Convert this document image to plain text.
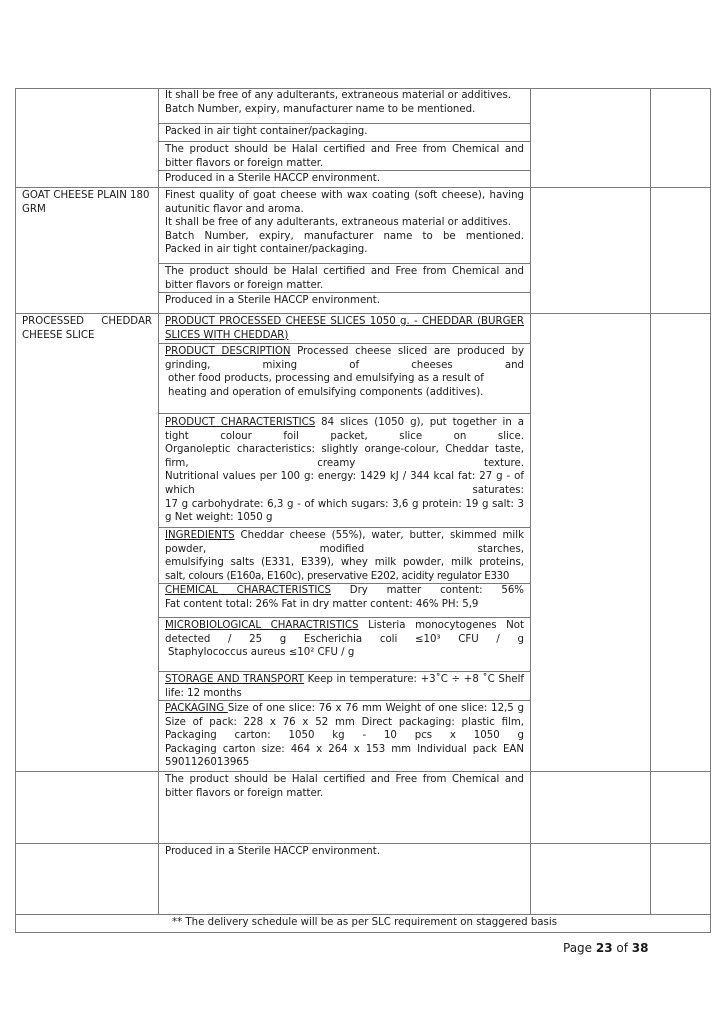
It shall be free of any adulterants, extraneous material or additives. Batch Number, expiry, manufacturer name to be mentioned.
Packed in air tight container/packaging.
The product should be Halal certified and Free from Chemical and bitter flavors or foreign matter.
Produced in a Sterile HACCP environment.
GOAT CHEESE PLAIN 180 GRM

Finest quality of goat cheese with wax coating (soft cheese), having autunitic flavor and aroma.

It shall be free of any adulterants, extraneous material or additives.

Batch Number, expiry, manufacturer name to be mentioned.

Packed in air tight container/packaging.

The product should be Halal certified and Free from Chemical and bitter flavors or foreign matter.
Produced in a Sterile HACCP environment.
PROCESSED CHEDDAR CHEESE SLICE
PRODUCT PROCESSED CHEESE SLICES 1050 g. - CHEDDAR (BURGER SLICES WITH CHEDDAR)

PRODUCT DESCRIPTION Processed cheese sliced are produced by grinding, mixing of cheeses and

other food products, processing and emulsifying as a result of

heating and operation of emulsifying components (additives).

PRODUCT CHARACTERISTICS 84 slices (1050 g), put together in a tight colour foil packet, slice on slice.

Organoleptic characteristics: slightly orange-colour, Cheddar taste, firm, creamy texture.

Nutritional values per 100 g: energy: 1429 kJ / 344 kcal fat: 27 g - of which saturates:

17 g carbohydrate: 6,3 g - of which sugars: 3,6 g protein: 19 g salt: 3 g Net weight: 1050 g

INGREDIENTS Cheddar cheese (55%), water, butter, skimmed milk powder, modified starches,

emulsifying salts (E331, E339), whey milk powder, milk proteins,

salt, colours (E160a, E160c), preservative E202, acidity regulator E330

CHEMICAL CHARACTERISTICS Dry matter content: 56%

Fat content total: 26% Fat in dry matter content: 46% PH: 5,9

MICROBIOLOGICAL CHARACTRISTICS Listeria monocytogenes Not detected / 25 g Escherichia coli ≤10³ CFU / g

Staphylococcus aureus ≤10² CFU / g

STORAGE AND TRANSPORT Keep in temperature: +3˚C ÷ +8 ˚C Shelf life: 12 months

PACKAGING Size of one slice: 76 x 76 mm Weight of one slice: 12,5 g Size of pack: 228 x 76 x 52 mm Direct packaging: plastic film, Packaging carton: 1050 kg - 10 pcs x 1050 g

Packaging carton size: 464 x 264 x 153 mm Individual pack EAN 5901126013965

The product should be Halal certified and Free from Chemical and bitter flavors or foreign matter.
Produced in a Sterile HACCP environment.
** The delivery schedule will be as per SLC requirement on staggered basis
Page 23 of 38
